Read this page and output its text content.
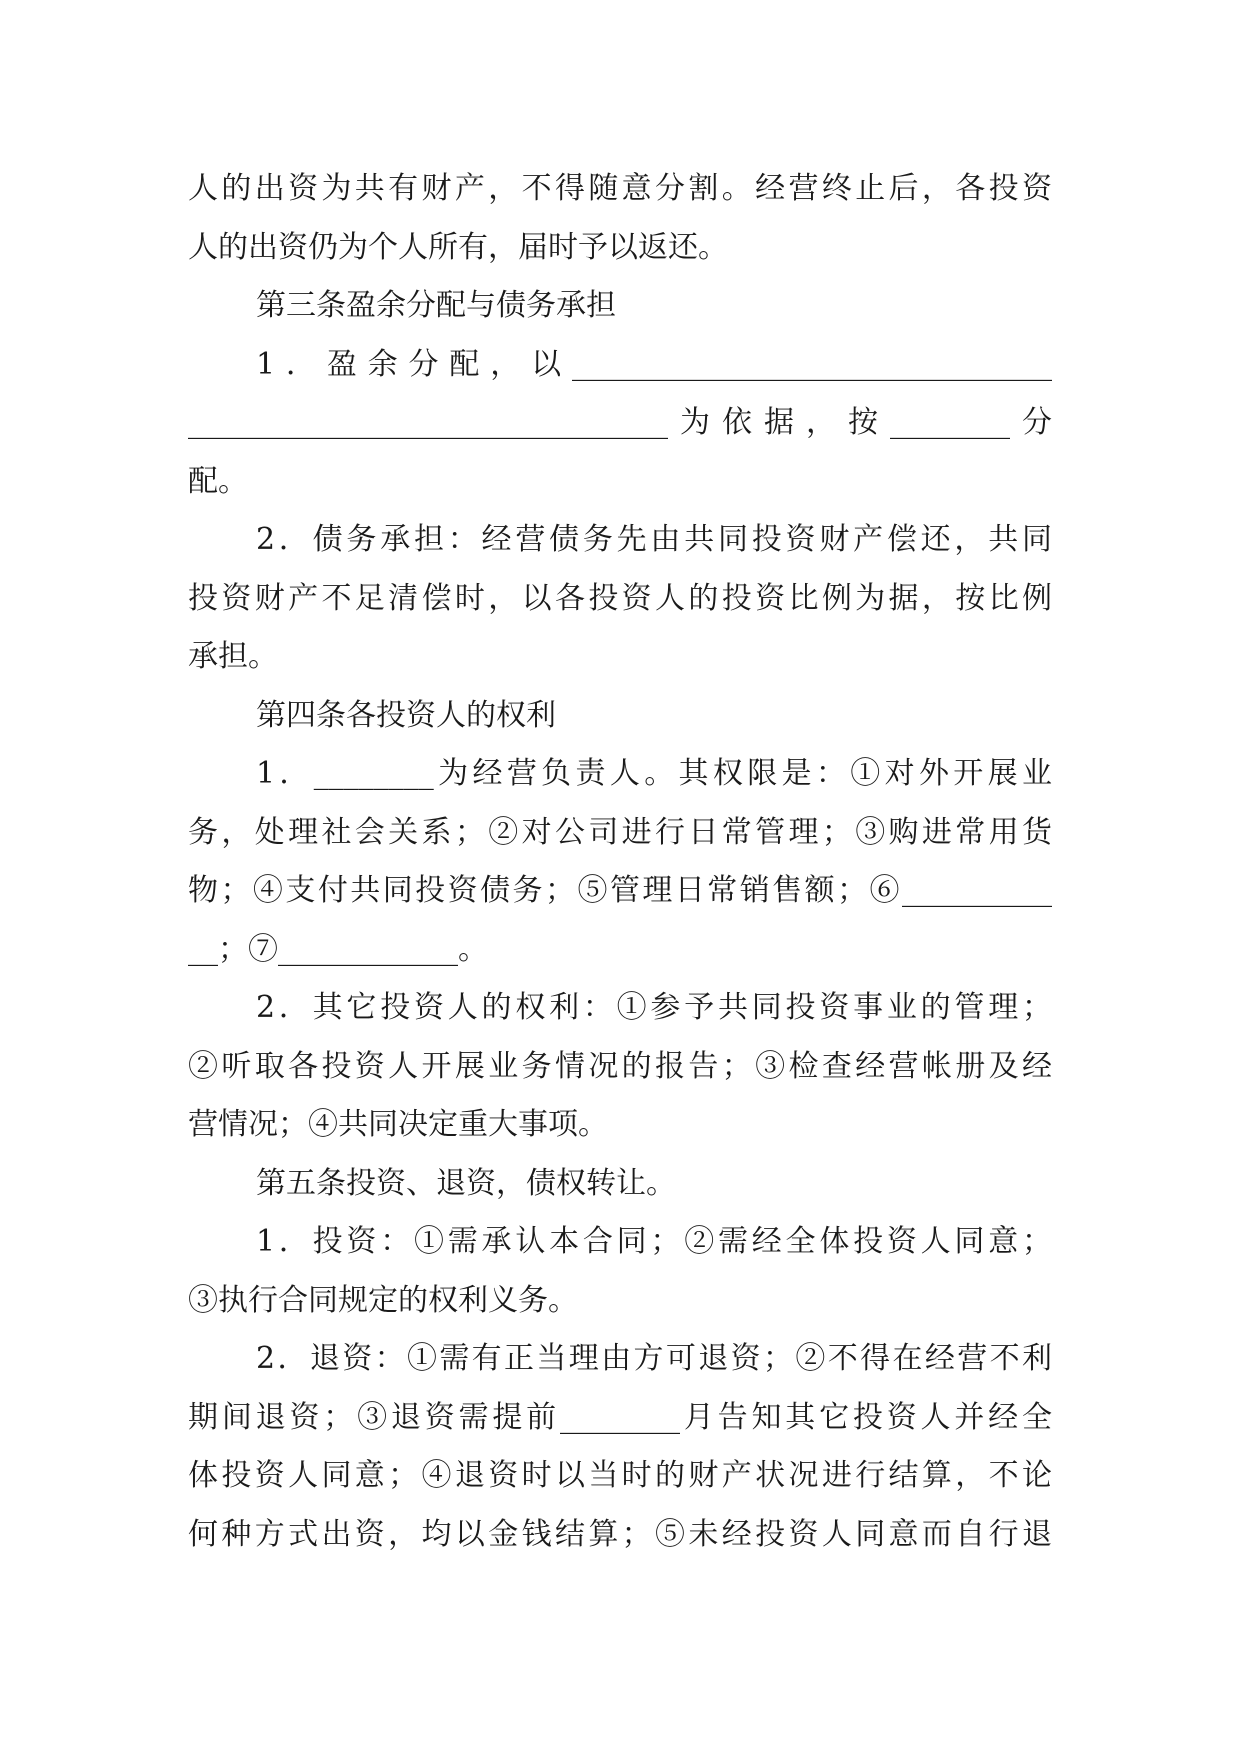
人的出资为共有财产，不得随意分割。经营终止后，各投资
人的出资仍为个人所有，届时予以返还。
第三条盈余分配与债务承担
1．盈余分配，以________________________________
________________________________为依据，按________分
配。
2．债务承担：经营债务先由共同投资财产偿还，共同
投资财产不足清偿时，以各投资人的投资比例为据，按比例
承担。
第四条各投资人的权利
1．________为经营负责人。其权限是：①对外开展业
务，处理社会关系；②对公司进行日常管理；③购进常用货
物；④支付共同投资债务；⑤管理日常销售额；⑥__________
__；⑦____________。
2．其它投资人的权利：①参予共同投资事业的管理；
②听取各投资人开展业务情况的报告；③检查经营帐册及经
营情况；④共同决定重大事项。
第五条投资、退资，债权转让。
1．投资：①需承认本合同；②需经全体投资人同意；
③执行合同规定的权利义务。
2．退资：①需有正当理由方可退资；②不得在经营不利
期间退资；③退资需提前________月告知其它投资人并经全
体投资人同意；④退资时以当时的财产状况进行结算，不论
何种方式出资，均以金钱结算；⑤未经投资人同意而自行退
